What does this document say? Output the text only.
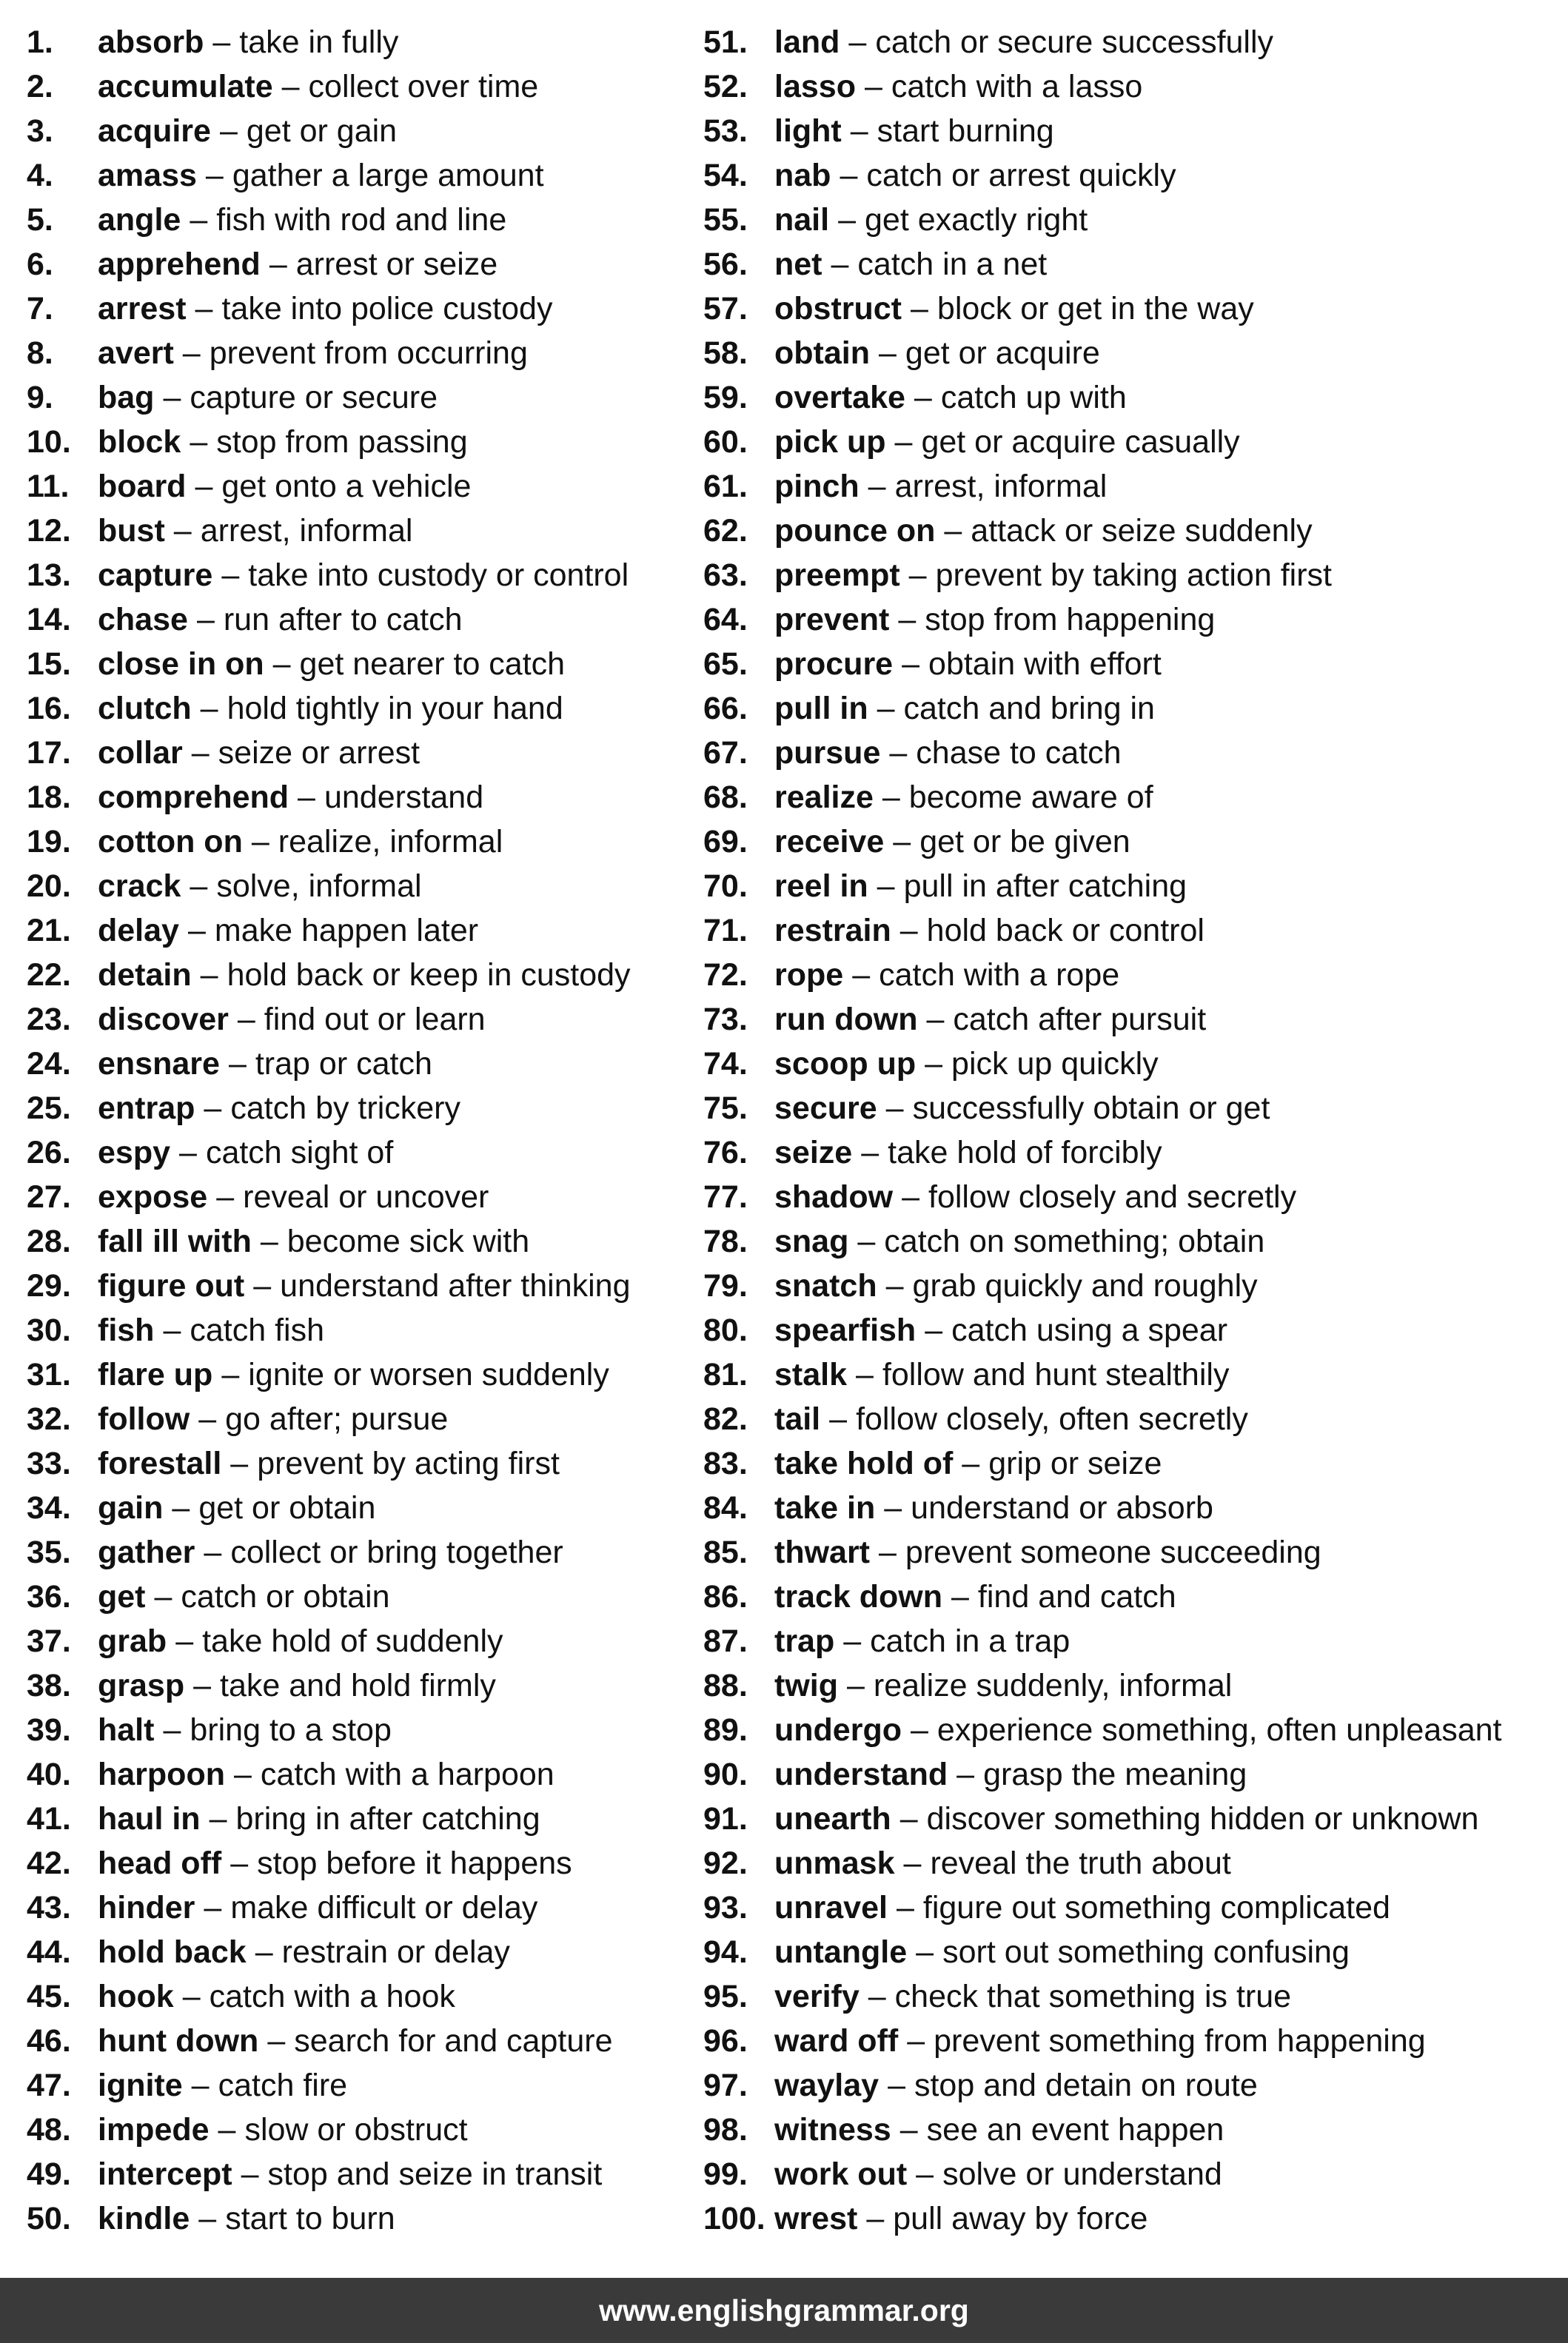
1.	absorb – take in fully
2.	accumulate – collect over time
3.	acquire – get or gain
4.	amass – gather a large amount
5.	angle – fish with rod and line
6.	apprehend – arrest or seize
7.	arrest – take into police custody
8.	avert – prevent from occurring
9.	bag – capture or secure
10. block – stop from passing
11. board – get onto a vehicle
12. bust – arrest, informal
13. capture – take into custody or control
14. chase – run after to catch
15. close in on – get nearer to catch
16. clutch – hold tightly in your hand
17. collar – seize or arrest
18. comprehend – understand
19. cotton on – realize, informal
20. crack – solve, informal
21. delay – make happen later
22. detain – hold back or keep in custody
23. discover – find out or learn
24. ensnare – trap or catch
25. entrap – catch by trickery
26. espy – catch sight of
27. expose – reveal or uncover
28. fall ill with – become sick with
29. figure out – understand after thinking
30. fish – catch fish
31. flare up – ignite or worsen suddenly
32. follow – go after; pursue
33. forestall – prevent by acting first
34. gain – get or obtain
35. gather – collect or bring together
36. get – catch or obtain
37. grab – take hold of suddenly
38. grasp – take and hold firmly
39. halt – bring to a stop
40. harpoon – catch with a harpoon
41. haul in – bring in after catching
42. head off – stop before it happens
43. hinder – make difficult or delay
44. hold back – restrain or delay
45. hook – catch with a hook
46. hunt down – search for and capture
47. ignite – catch fire
48. impede – slow or obstruct
49. intercept – stop and seize in transit
50. kindle – start to burn
51. land – catch or secure successfully
52. lasso – catch with a lasso
53. light – start burning
54. nab – catch or arrest quickly
55. nail – get exactly right
56. net – catch in a net
57. obstruct – block or get in the way
58. obtain – get or acquire
59. overtake – catch up with
60. pick up – get or acquire casually
61. pinch – arrest, informal
62. pounce on – attack or seize suddenly
63. preempt – prevent by taking action first
64. prevent – stop from happening
65. procure – obtain with effort
66. pull in – catch and bring in
67. pursue – chase to catch
68. realize – become aware of
69. receive – get or be given
70. reel in – pull in after catching
71. restrain – hold back or control
72. rope – catch with a rope
73. run down – catch after pursuit
74. scoop up – pick up quickly
75. secure – successfully obtain or get
76. seize – take hold of forcibly
77. shadow – follow closely and secretly
78. snag – catch on something; obtain
79. snatch – grab quickly and roughly
80. spearfish – catch using a spear
81. stalk – follow and hunt stealthily
82. tail – follow closely, often secretly
83. take hold of – grip or seize
84. take in – understand or absorb
85. thwart – prevent someone succeeding
86. track down – find and catch
87. trap – catch in a trap
88. twig – realize suddenly, informal
89. undergo – experience something, often unpleasant
90. understand – grasp the meaning
91. unearth – discover something hidden or unknown
92. unmask – reveal the truth about
93. unravel – figure out something complicated
94. untangle – sort out something confusing
95. verify – check that something is true
96. ward off – prevent something from happening
97. waylay – stop and detain on route
98. witness – see an event happen
99. work out – solve or understand
100. wrest – pull away by force
www.englishgrammar.org
